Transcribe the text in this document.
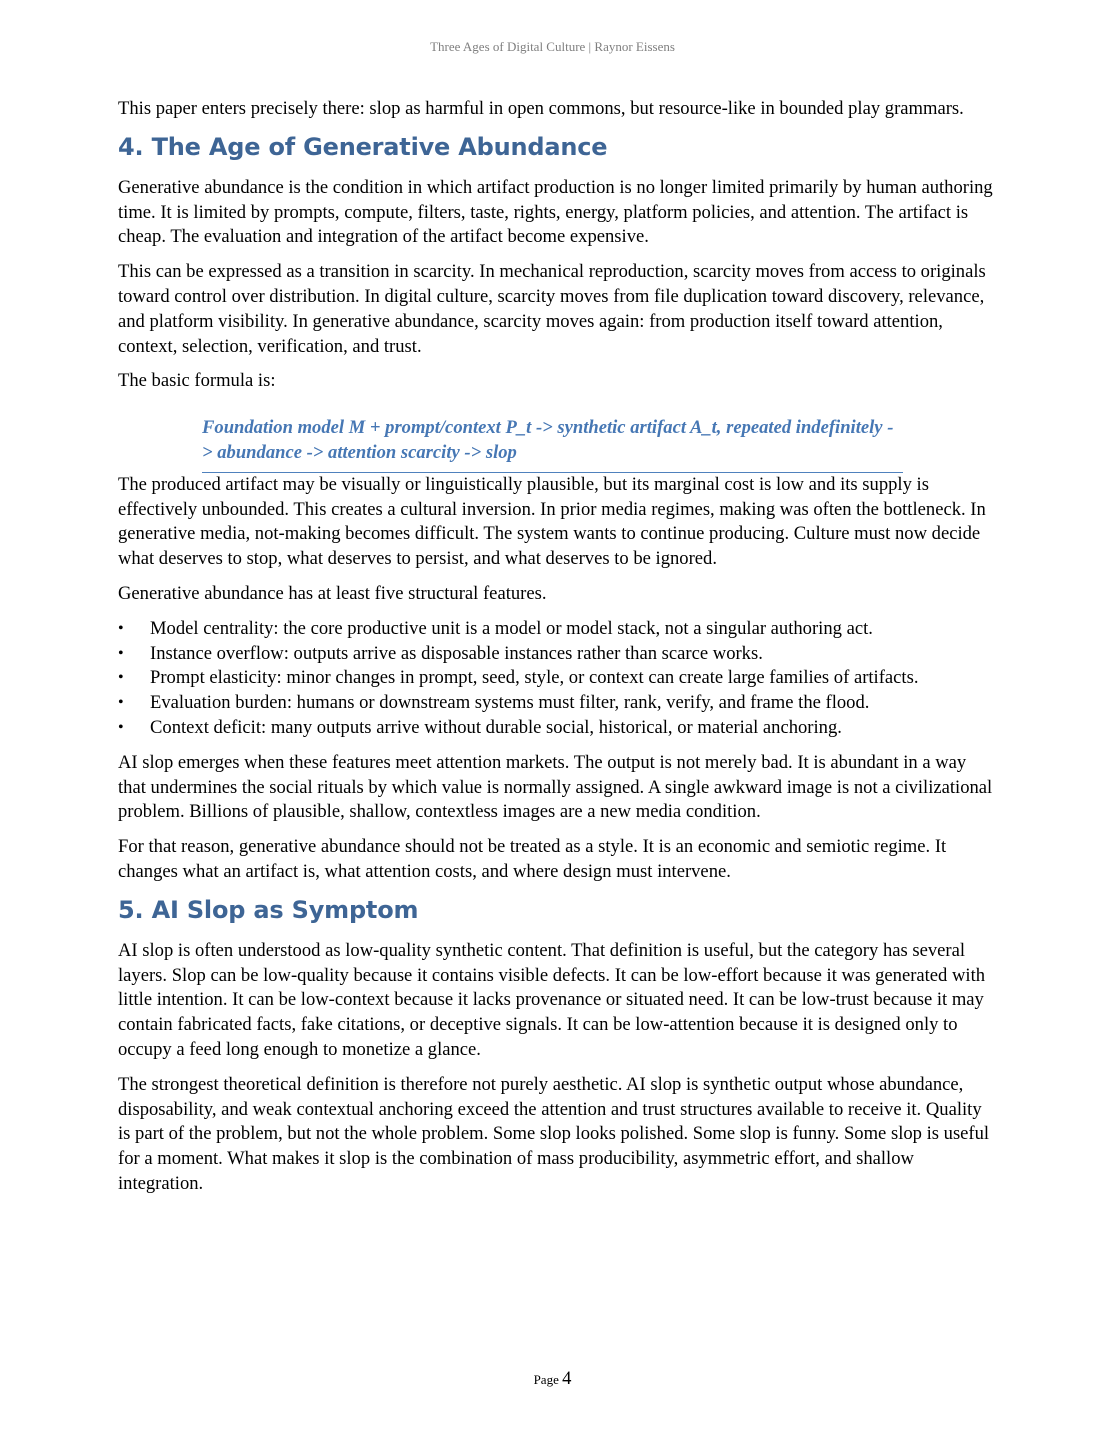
Three Ages of Digital Culture | Raynor Eissens

This paper enters precisely there: slop as harmful in open commons, but resource-like in bounded play grammars.

4. The Age of Generative Abundance

Generative abundance is the condition in which artifact production is no longer limited primarily by human authoring time. It is limited by prompts, compute, filters, taste, rights, energy, platform policies, and attention. The artifact is cheap. The evaluation and integration of the artifact become expensive.

This can be expressed as a transition in scarcity. In mechanical reproduction, scarcity moves from access to originals toward control over distribution. In digital culture, scarcity moves from file duplication toward discovery, relevance, and platform visibility. In generative abundance, scarcity moves again: from production itself toward attention, context, selection, verification, and trust.

The basic formula is:

Foundation model M + prompt/context P_t -> synthetic artifact A_t, repeated indefinitely -> abundance -> attention scarcity -> slop

The produced artifact may be visually or linguistically plausible, but its marginal cost is low and its supply is effectively unbounded. This creates a cultural inversion. In prior media regimes, making was often the bottleneck. In generative media, not-making becomes difficult. The system wants to continue producing. Culture must now decide what deserves to stop, what deserves to persist, and what deserves to be ignored.

Generative abundance has at least five structural features.

• Model centrality: the core productive unit is a model or model stack, not a singular authoring act.
• Instance overflow: outputs arrive as disposable instances rather than scarce works.
• Prompt elasticity: minor changes in prompt, seed, style, or context can create large families of artifacts.
• Evaluation burden: humans or downstream systems must filter, rank, verify, and frame the flood.
• Context deficit: many outputs arrive without durable social, historical, or material anchoring.

AI slop emerges when these features meet attention markets. The output is not merely bad. It is abundant in a way that undermines the social rituals by which value is normally assigned. A single awkward image is not a civilizational problem. Billions of plausible, shallow, contextless images are a new media condition.

For that reason, generative abundance should not be treated as a style. It is an economic and semiotic regime. It changes what an artifact is, what attention costs, and where design must intervene.

5. AI Slop as Symptom

AI slop is often understood as low-quality synthetic content. That definition is useful, but the category has several layers. Slop can be low-quality because it contains visible defects. It can be low-effort because it was generated with little intention. It can be low-context because it lacks provenance or situated need. It can be low-trust because it may contain fabricated facts, fake citations, or deceptive signals. It can be low-attention because it is designed only to occupy a feed long enough to monetize a glance.

The strongest theoretical definition is therefore not purely aesthetic. AI slop is synthetic output whose abundance, disposability, and weak contextual anchoring exceed the attention and trust structures available to receive it. Quality is part of the problem, but not the whole problem. Some slop looks polished. Some slop is funny. Some slop is useful for a moment. What makes it slop is the combination of mass producibility, asymmetric effort, and shallow integration.

Page 4
